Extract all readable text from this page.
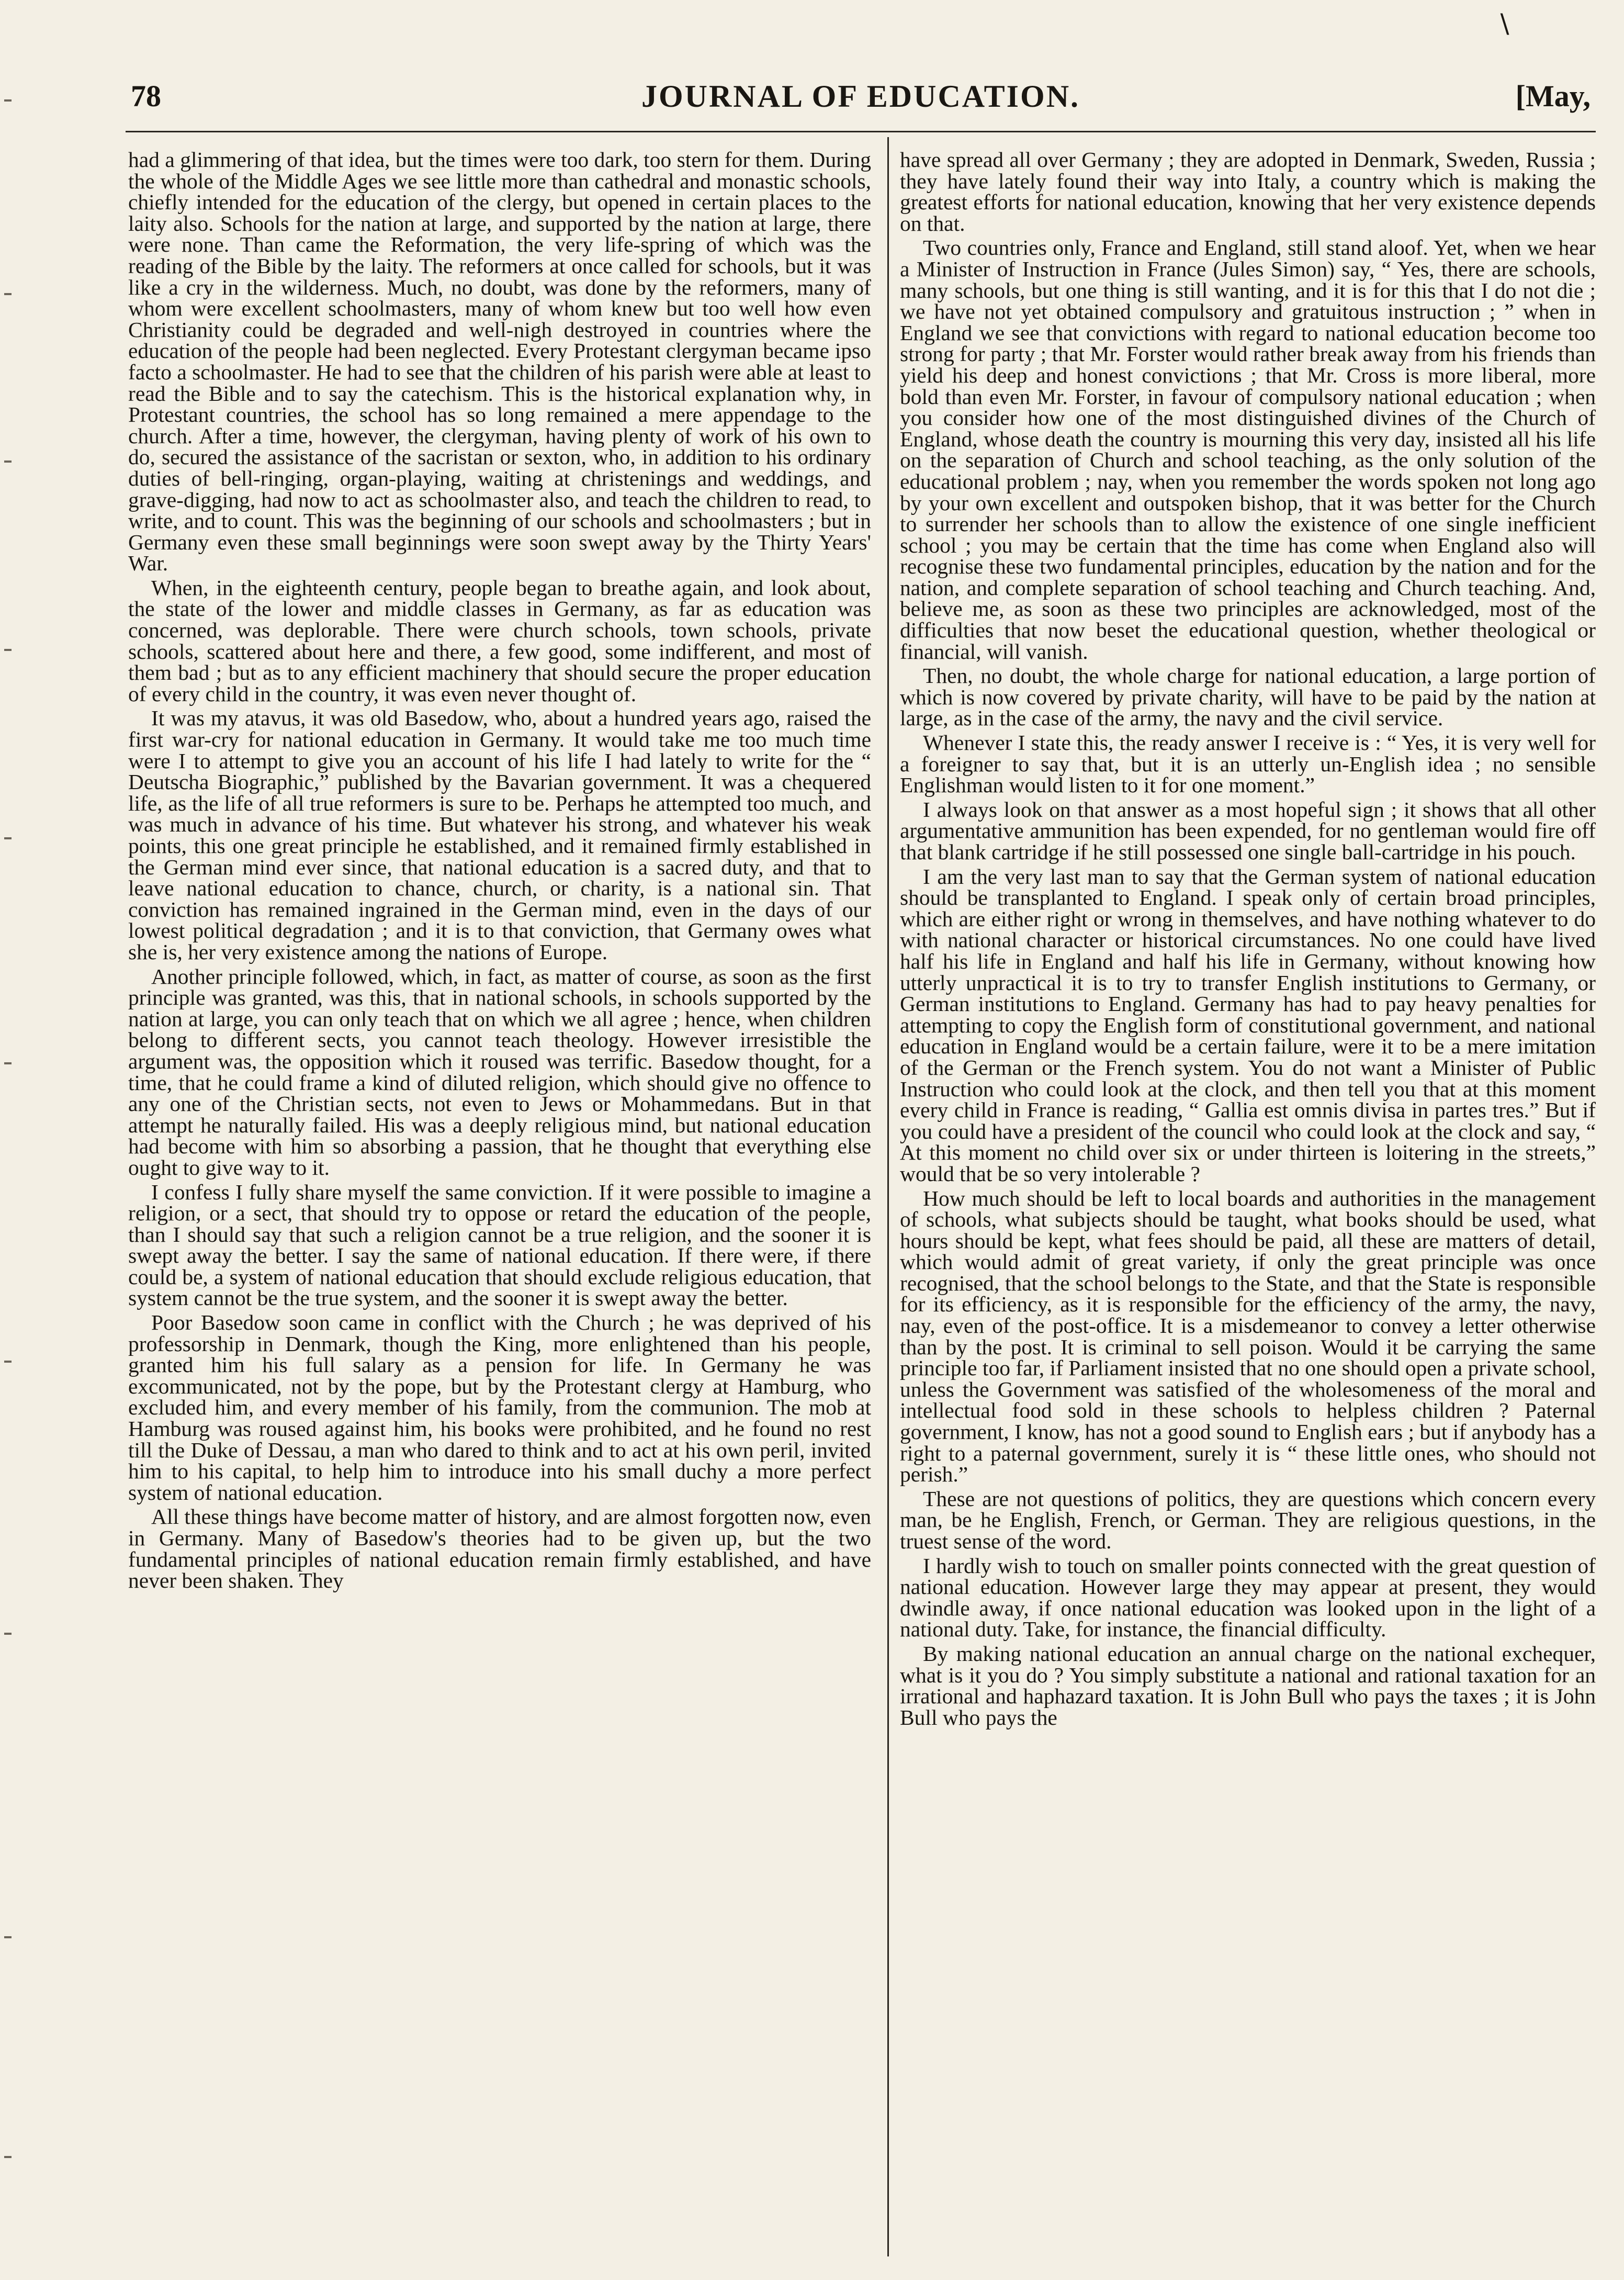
∖
78	JOURNAL OF EDUCATION.	[May,

had a glimmering of that idea, but the times were too dark, too stern for them. During the whole of the Middle Ages we see little more than cathedral and monastic schools, chiefly intended for the education of the clergy, but opened in certain places to the laity also. Schools for the nation at large, and supported by the nation at large, there were none. Than came the Reformation, the very life-spring of which was the reading of the Bible by the laity. The reformers at once called for schools, but it was like a cry in the wilderness. Much, no doubt, was done by the reformers, many of whom were excellent schoolmasters, many of whom knew but too well how even Christianity could be degraded and well-nigh destroyed in countries where the education of the people had been neglected. Every Protestant clergyman became ipso facto a schoolmaster. He had to see that the children of his parish were able at least to read the Bible and to say the catechism. This is the historical explanation why, in Protestant countries, the school has so long remained a mere appendage to the church. After a time, however, the clergyman, having plenty of work of his own to do, secured the assistance of the sacristan or sexton, who, in addition to his ordinary duties of bell-ringing, organ-playing, waiting at christenings and weddings, and grave-digging, had now to act as schoolmaster also, and teach the children to read, to write, and to count. This was the beginning of our schools and schoolmasters ; but in Germany even these small beginnings were soon swept away by the Thirty Years' War.

When, in the eighteenth century, people began to breathe again, and look about, the state of the lower and middle classes in Germany, as far as education was concerned, was deplorable. There were church schools, town schools, private schools, scattered about here and there, a few good, some indifferent, and most of them bad ; but as to any efficient machinery that should secure the proper education of every child in the country, it was even never thought of.

It was my atavus, it was old Basedow, who, about a hundred years ago, raised the first war-cry for national education in Germany. It would take me too much time were I to attempt to give you an account of his life I had lately to write for the “ Deutscha Biographic,” published by the Bavarian government. It was a chequered life, as the life of all true reformers is sure to be. Perhaps he attempted too much, and was much in advance of his time. But whatever his strong, and whatever his weak points, this one great principle he established, and it remained firmly established in the German mind ever since, that national education is a sacred duty, and that to leave national education to chance, church, or charity, is a national sin. That conviction has remained ingrained in the German mind, even in the days of our lowest political degradation ; and it is to that conviction, that Germany owes what she is, her very existence among the nations of Europe.

Another principle followed, which, in fact, as matter of course, as soon as the first principle was granted, was this, that in national schools, in schools supported by the nation at large, you can only teach that on which we all agree ; hence, when children belong to different sects, you cannot teach theology. However irresistible the argument was, the opposition which it roused was terrific. Basedow thought, for a time, that he could frame a kind of diluted religion, which should give no offence to any one of the Christian sects, not even to Jews or Mohammedans. But in that attempt he naturally failed. His was a deeply religious mind, but national education had become with him so absorbing a passion, that he thought that everything else ought to give way to it.

I confess I fully share myself the same conviction. If it were possible to imagine a religion, or a sect, that should try to oppose or retard the education of the people, than I should say that such a religion cannot be a true religion, and the sooner it is swept away the better. I say the same of national education. If there were, if there could be, a system of national education that should exclude religious education, that system cannot be the true system, and the sooner it is swept away the better.

Poor Basedow soon came in conflict with the Church ; he was deprived of his professorship in Denmark, though the King, more enlightened than his people, granted him his full salary as a pension for life. In Germany he was excommunicated, not by the pope, but by the Protestant clergy at Hamburg, who excluded him, and every member of his family, from the communion. The mob at Hamburg was roused against him, his books were prohibited, and he found no rest till the Duke of Dessau, a man who dared to think and to act at his own peril, invited him to his capital, to help him to introduce into his small duchy a more perfect system of national education.

All these things have become matter of history, and are almost forgotten now, even in Germany. Many of Basedow's theories had to be given up, but the two fundamental principles of national education remain firmly established, and have never been shaken. They

have spread all over Germany ; they are adopted in Denmark, Sweden, Russia ; they have lately found their way into Italy, a country which is making the greatest efforts for national education, knowing that her very existence depends on that.

Two countries only, France and England, still stand aloof. Yet, when we hear a Minister of Instruction in France (Jules Simon) say, “ Yes, there are schools, many schools, but one thing is still wanting, and it is for this that I do not die ; we have not yet obtained compulsory and gratuitous instruction ; ” when in England we see that convictions with regard to national education become too strong for party ; that Mr. Forster would rather break away from his friends than yield his deep and honest convictions ; that Mr. Cross is more liberal, more bold than even Mr. Forster, in favour of compulsory national education ; when you consider how one of the most distinguished divines of the Church of England, whose death the country is mourning this very day, insisted all his life on the separation of Church and school teaching, as the only solution of the educational problem ; nay, when you remember the words spoken not long ago by your own excellent and outspoken bishop, that it was better for the Church to surrender her schools than to allow the existence of one single inefficient school ; you may be certain that the time has come when England also will recognise these two fundamental principles, education by the nation and for the nation, and complete separation of school teaching and Church teaching. And, believe me, as soon as these two principles are acknowledged, most of the difficulties that now beset the educational question, whether theological or financial, will vanish.

Then, no doubt, the whole charge for national education, a large portion of which is now covered by private charity, will have to be paid by the nation at large, as in the case of the army, the navy and the civil service.

Whenever I state this, the ready answer I receive is : “ Yes, it is very well for a foreigner to say that, but it is an utterly un-English idea ; no sensible Englishman would listen to it for one moment.”

I always look on that answer as a most hopeful sign ; it shows that all other argumentative ammunition has been expended, for no gentleman would fire off that blank cartridge if he still possessed one single ball-cartridge in his pouch.

I am the very last man to say that the German system of national education should be transplanted to England. I speak only of certain broad principles, which are either right or wrong in themselves, and have nothing whatever to do with national character or historical circumstances. No one could have lived half his life in England and half his life in Germany, without knowing how utterly unpractical it is to try to transfer English institutions to Germany, or German institutions to England. Germany has had to pay heavy penalties for attempting to copy the English form of constitutional government, and national education in England would be a certain failure, were it to be a mere imitation of the German or the French system. You do not want a Minister of Public Instruction who could look at the clock, and then tell you that at this moment every child in France is reading, “ Gallia est omnis divisa in partes tres.” But if you could have a president of the council who could look at the clock and say, “ At this moment no child over six or under thirteen is loitering in the streets,” would that be so very intolerable ?

How much should be left to local boards and authorities in the management of schools, what subjects should be taught, what books should be used, what hours should be kept, what fees should be paid, all these are matters of detail, which would admit of great variety, if only the great principle was once recognised, that the school belongs to the State, and that the State is responsible for its efficiency, as it is responsible for the efficiency of the army, the navy, nay, even of the post-office. It is a misdemeanor to convey a letter otherwise than by the post. It is criminal to sell poison. Would it be carrying the same principle too far, if Parliament insisted that no one should open a private school, unless the Government was satisfied of the wholesomeness of the moral and intellectual food sold in these schools to helpless children ? Paternal government, I know, has not a good sound to English ears ; but if anybody has a right to a paternal government, surely it is “ these little ones, who should not perish.”

These are not questions of politics, they are questions which concern every man, be he English, French, or German. They are religious questions, in the truest sense of the word.

I hardly wish to touch on smaller points connected with the great question of national education. However large they may appear at present, they would dwindle away, if once national education was looked upon in the light of a national duty. Take, for instance, the financial difficulty.

By making national education an annual charge on the national exchequer, what is it you do ? You simply substitute a national and rational taxation for an irrational and haphazard taxation. It is John Bull who pays the taxes ; it is John Bull who pays the
